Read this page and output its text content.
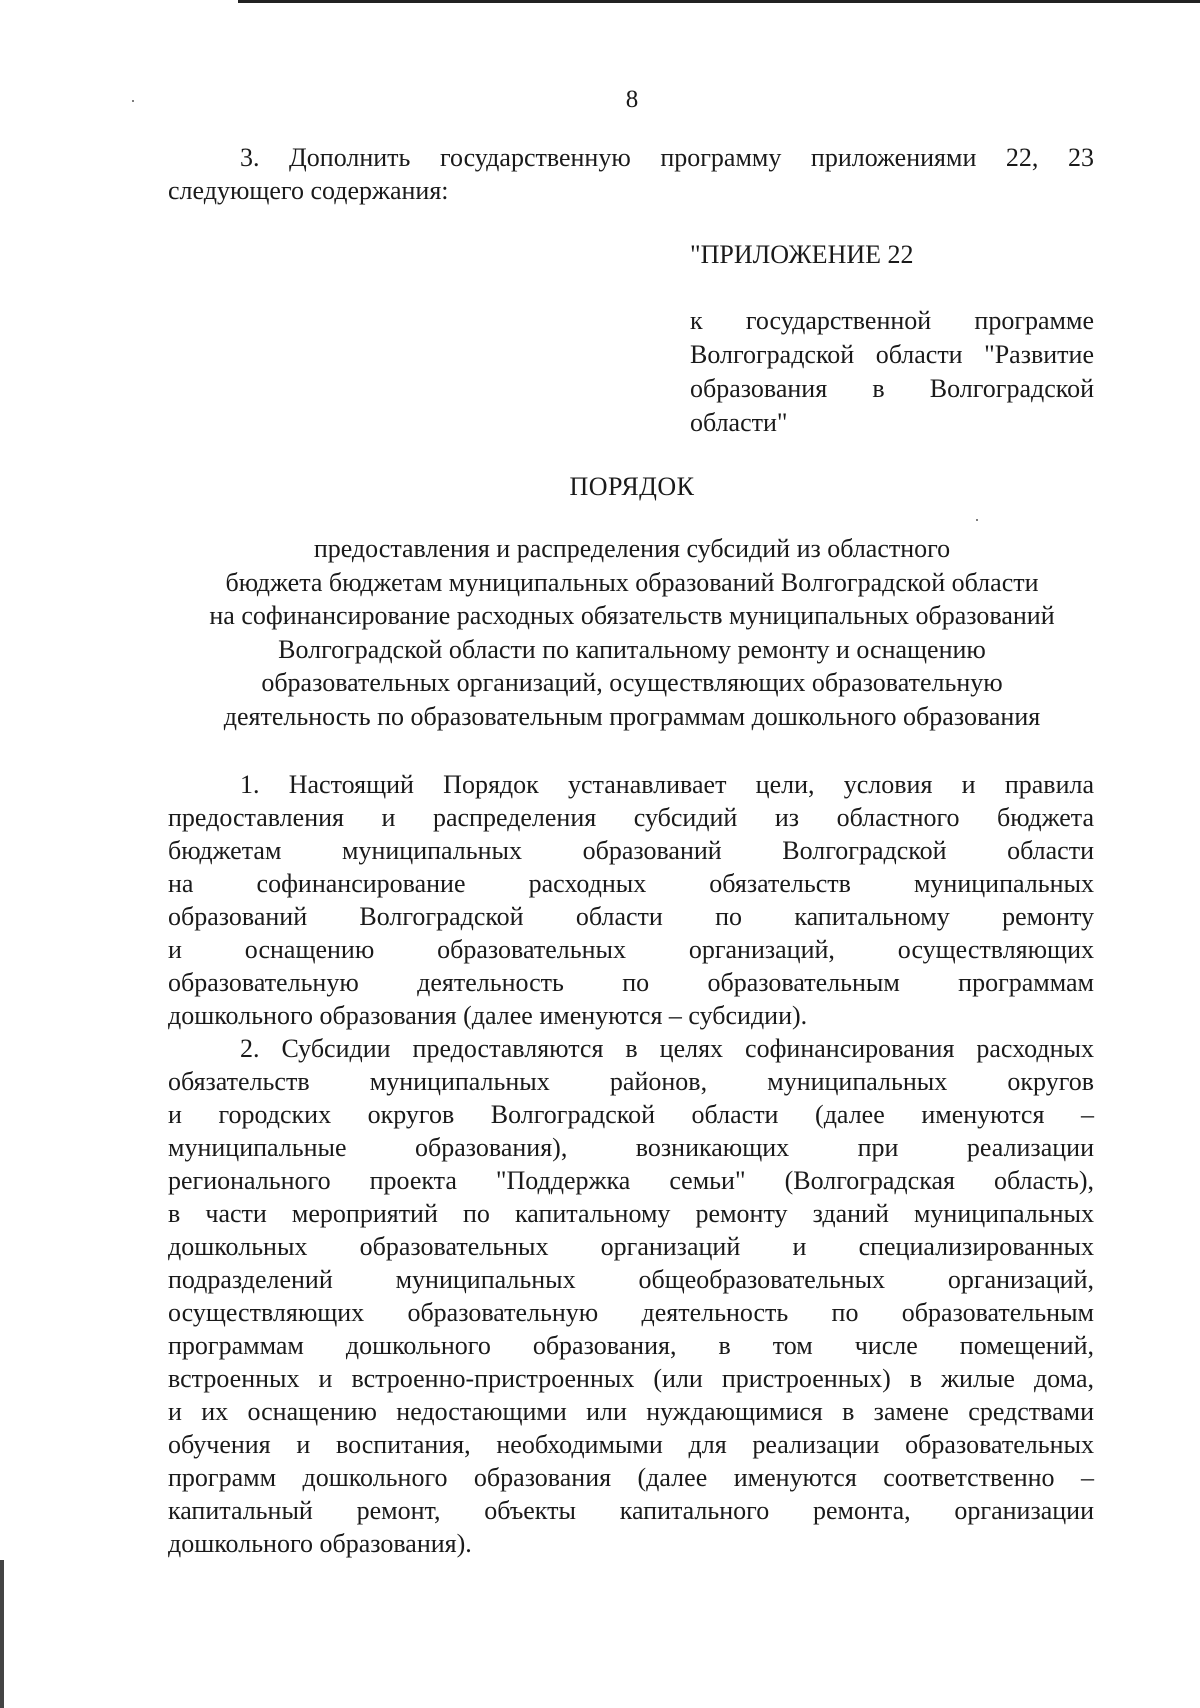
8
3. Дополнить государственную программу приложениями 22, 23
следующего содержания:
"ПРИЛОЖЕНИЕ 22
к государственной программе
Волгоградской области "Развитие
образования в Волгоградской
области"
ПОРЯДОК
предоставления и распределения субсидий из областного
бюджета бюджетам муниципальных образований Волгоградской области
на софинансирование расходных обязательств муниципальных образований
Волгоградской области по капитальному ремонту и оснащению
образовательных организаций, осуществляющих образовательную
деятельность по образовательным программам дошкольного образования
1. Настоящий Порядок устанавливает цели, условия и правила
предоставления и распределения субсидий из областного бюджета
бюджетам муниципальных образований Волгоградской области
на софинансирование расходных обязательств муниципальных
образований Волгоградской области по капитальному ремонту
и оснащению образовательных организаций, осуществляющих
образовательную деятельность по образовательным программам
дошкольного образования (далее именуются – субсидии).
2. Субсидии предоставляются в целях софинансирования расходных
обязательств муниципальных районов, муниципальных округов
и городских округов Волгоградской области (далее именуются –
муниципальные образования), возникающих при реализации
регионального проекта "Поддержка семьи" (Волгоградская область),
в части мероприятий по капитальному ремонту зданий муниципальных
дошкольных образовательных организаций и специализированных
подразделений муниципальных общеобразовательных организаций,
осуществляющих образовательную деятельность по образовательным
программам дошкольного образования, в том числе помещений,
встроенных и встроенно-пристроенных (или пристроенных) в жилые дома,
и их оснащению недостающими или нуждающимися в замене средствами
обучения и воспитания, необходимыми для реализации образовательных
программ дошкольного образования (далее именуются соответственно –
капитальный ремонт, объекты капитального ремонта, организации
дошкольного образования).
